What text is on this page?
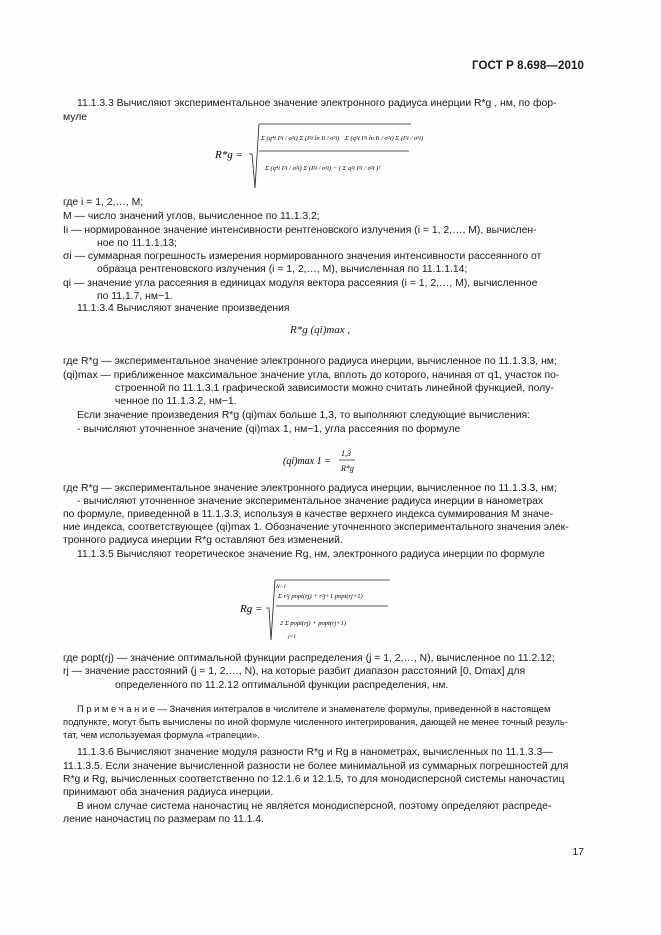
ГОСТ Р 8.698—2010
11.1.3.3 Вычисляют экспериментальное значение электронного радиуса инерции R*g , нм, по фор-
муле
где i = 1, 2,…, M;
M — число значений углов, вычисленное по 11.1.3.2;
Ii — нормированное значение интенсивности рентгеновского излучения (i = 1, 2,…, M), вычислен-
ное по 11.1.1.13;
σi — суммарная погрешность измерения нормированного значения интенсивности рассеянного от
образца рентгеновского излучения (i = 1, 2,…, M), вычисленная по 11.1.1.14;
qi — значение угла рассеяния в единицах модуля вектора рассеяния (i = 1, 2,…, M), вычисленное
по 11.1.7, нм−1.
11.1.3.4 Вычисляют значение произведения
где R*g — экспериментальное значение электронного радиуса инерции, вычисленное по 11.1.3.3, нм;
(qi)max — приближенное максимальное значение угла, вплоть до которого, начиная от q1, участок по-
строенной по 11.1.3.1 графической зависимости можно считать линейной функцией, полу-
ченное по 11.1.3.2, нм−1.
Если значение произведения R*g (qi)max больше 1,3, то выполняют следующие вычисления:
- вычисляют уточненное значение (qi)max 1, нм−1, угла рассеяния по формуле
где R*g — экспериментальное значение электронного радиуса инерции, вычисленное по 11.1.3.3, нм;
- вычисляют уточненное значение экспериментальное значение радиуса инерции в нанометрах
по формуле, приведенной в 11.1.3.3, используя в качестве верхнего индекса суммирования M значе-
ние индекса, соответствующее (qi)max 1. Обозначение уточненного экспериментального значения элек-
тронного радиуса инерции R*g оставляют без изменений.
11.1.3.5 Вычисляют теоретическое значение Rg, нм, электронного радиуса инерции по формуле
где popt(rj) — значение оптимальной функции распределения (j = 1, 2,…, N), вычисленное по 11.2.12;
rj — значение расстояний (j = 1, 2,…, N), на которые разбит диапазон расстояний [0, Dmax] для
определенного по 11.2.12 оптимальной функции распределения, нм.
П р и м е ч а н и е — Значения интегралов в числителе и знаменателе формулы, приведенной в настоящем
подпункте, могут быть вычислены по иной формуле численного интегрирования, дающей не менее точный резуль-
тат, чем используемая формула «трапеции».
11.1.3.6 Вычисляют значение модуля разности R*g и Rg в нанометрах, вычисленных по 11.1.3.3—
11.1.3.5. Если значение вычисленной разности не более минимальной из суммарных погрешностей для
R*g и Rg, вычисленных соответственно по 12.1.6 и 12.1.5, то для монодисперсной системы наночастиц
принимают оба значения радиуса инерции.
В ином случае система наночастиц не является монодисперсной, поэтому определяют распреде-
ление наночастиц по размерам по 11.1.4.
R*g =
Σ (q⁴i I²i / σ²i) Σ (I²i ln Ii / σ²i) Σ (q²i I²i ln Ii / σ²i) Σ (I²i / σ²i)
Σ (q⁴i I²i / σ²i) Σ (I²i / σ²i) − ( Σ q²i I²i / σ²i )²
R*g (qi)max ,
(qi)max 1 =
1,3
R*g
Rg =
N−1
Σ r²j popt(rj) + r²j+1 popt(rj+1)
2 Σ popt(rj) + popt(rj+1)
j=1
17
